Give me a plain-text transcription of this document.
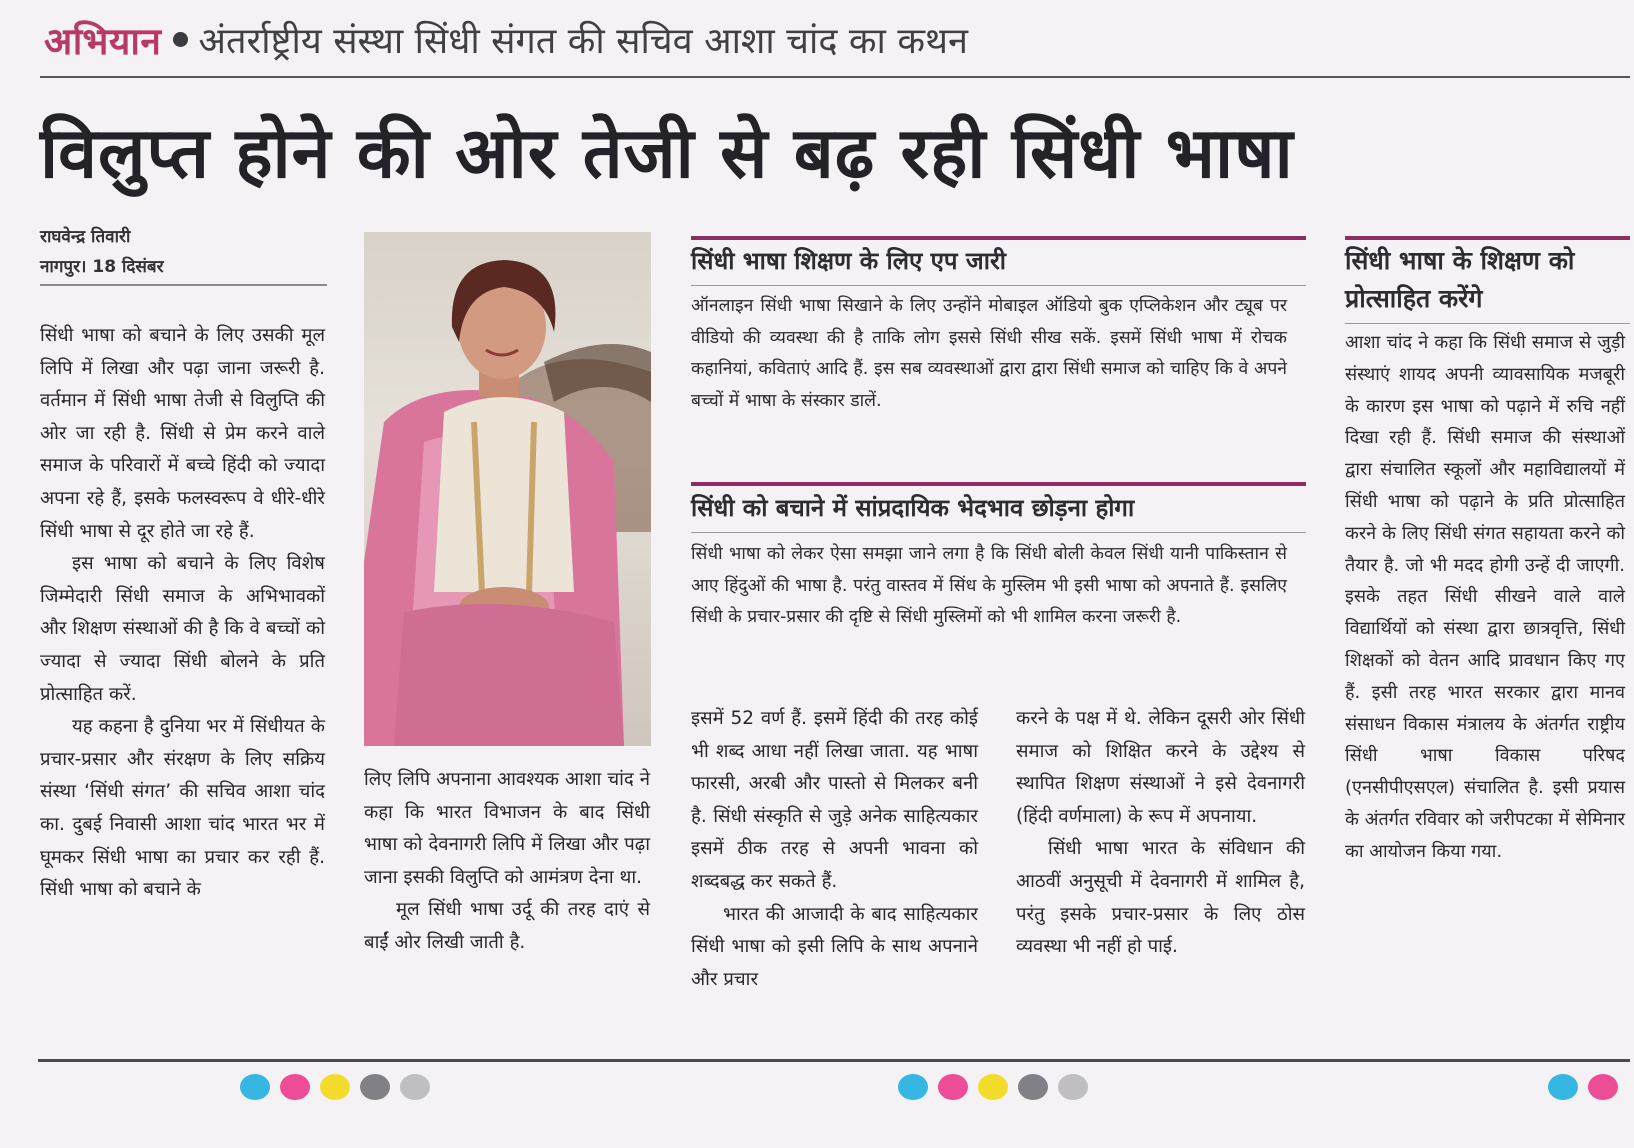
अभियान अंतर्राष्ट्रीय संस्था सिंधी संगत की सचिव आशा चांद का कथन
विलुप्त होने की ओर तेजी से बढ़ रही सिंधी भाषा
राघवेन्द्र तिवारी
नागपुर। 18 दिसंबर

सिंधी भाषा को बचाने के लिए उसकी मूल लिपि में लिखा और पढ़ा जाना जरूरी है. वर्तमान में सिंधी भाषा तेजी से विलुप्ति की ओर जा रही है. सिंधी से प्रेम करने वाले समाज के परिवारों में बच्चे हिंदी को ज्यादा अपना रहे हैं, इसके फलस्वरूप वे धीरे-धीरे सिंधी भाषा से दूर होते जा रहे हैं.

इस भाषा को बचाने के लिए विशेष जिम्मेदारी सिंधी समाज के अभिभावकों और शिक्षण संस्थाओं की है कि वे बच्चों को ज्यादा से ज्यादा सिंधी बोलने के प्रति प्रोत्साहित करें.

यह कहना है दुनिया भर में सिंधीयत के प्रचार-प्रसार और संरक्षण के लिए सक्रिय संस्था ‘सिंधी संगत’ की सचिव आशा चांद का. दुबई निवासी आशा चांद भारत भर में घूमकर सिंधी भाषा का प्रचार कर रही हैं. सिंधी भाषा को बचाने के

लिए लिपि अपनाना आवश्यक आशा चांद ने कहा कि भारत विभाजन के बाद सिंधी भाषा को देवनागरी लिपि में लिखा और पढ़ा जाना इसकी विलुप्ति को आमंत्रण देना था.

मूल सिंधी भाषा उर्दू की तरह दाएं से बाईं ओर लिखी जाती है.

सिंधी भाषा शिक्षण के लिए एप जारी
ऑनलाइन सिंधी भाषा सिखाने के लिए उन्होंने मोबाइल ऑडियो बुक एप्लिकेशन और ट्यूब पर वीडियो की व्यवस्था की है ताकि लोग इससे सिंधी सीख सकें. इसमें सिंधी भाषा में रोचक कहानियां, कविताएं आदि हैं. इस सब व्यवस्थाओं द्वारा द्वारा सिंधी समाज को चाहिए कि वे अपने बच्चों में भाषा के संस्कार डालें.
सिंधी को बचाने में सांप्रदायिक भेदभाव छोड़ना होगा
सिंधी भाषा को लेकर ऐसा समझा जाने लगा है कि सिंधी बोली केवल सिंधी यानी पाकिस्तान से आए हिंदुओं की भाषा है. परंतु वास्तव में सिंध के मुस्लिम भी इसी भाषा को अपनाते हैं. इसलिए सिंधी के प्रचार-प्रसार की दृष्टि से सिंधी मुस्लिमों को भी शामिल करना जरूरी है.

इसमें 52 वर्ण हैं. इसमें हिंदी की तरह कोई भी शब्द आधा नहीं लिखा जाता. यह भाषा फारसी, अरबी और पास्तो से मिलकर बनी है. सिंधी संस्कृति से जुड़े अनेक साहित्यकार इसमें ठीक तरह से अपनी भावना को शब्दबद्ध कर सकते हैं.

भारत की आजादी के बाद साहित्यकार सिंधी भाषा को इसी लिपि के साथ अपनाने और प्रचार

करने के पक्ष में थे. लेकिन दूसरी ओर सिंधी समाज को शिक्षित करने के उद्देश्य से स्थापित शिक्षण संस्थाओं ने इसे देवनागरी (हिंदी वर्णमाला) के रूप में अपनाया.

सिंधी भाषा भारत के संविधान की आठवीं अनुसूची में देवनागरी में शामिल है, परंतु इसके प्रचार-प्रसार के लिए ठोस व्यवस्था भी नहीं हो पाई.

सिंधी भाषा के शिक्षण को प्रोत्साहित करेंगे
आशा चांद ने कहा कि सिंधी समाज से जुड़ी संस्थाएं शायद अपनी व्यावसायिक मजबूरी के कारण इस भाषा को पढ़ाने में रुचि नहीं दिखा रही हैं. सिंधी समाज की संस्थाओं द्वारा संचालित स्कूलों और महाविद्यालयों में सिंधी भाषा को पढ़ाने के प्रति प्रोत्साहित करने के लिए सिंधी संगत सहायता करने को तैयार है. जो भी मदद होगी उन्हें दी जाएगी. इसके तहत सिंधी सीखने वाले वाले विद्यार्थियों को संस्था द्वारा छात्रवृत्ति, सिंधी शिक्षकों को वेतन आदि प्रावधान किए गए हैं. इसी तरह भारत सरकार द्वारा मानव संसाधन विकास मंत्रालय के अंतर्गत राष्ट्रीय सिंधी भाषा विकास परिषद (एनसीपीएसएल) संचालित है. इसी प्रयास के अंतर्गत रविवार को जरीपटका में सेमिनार का आयोजन किया गया.
